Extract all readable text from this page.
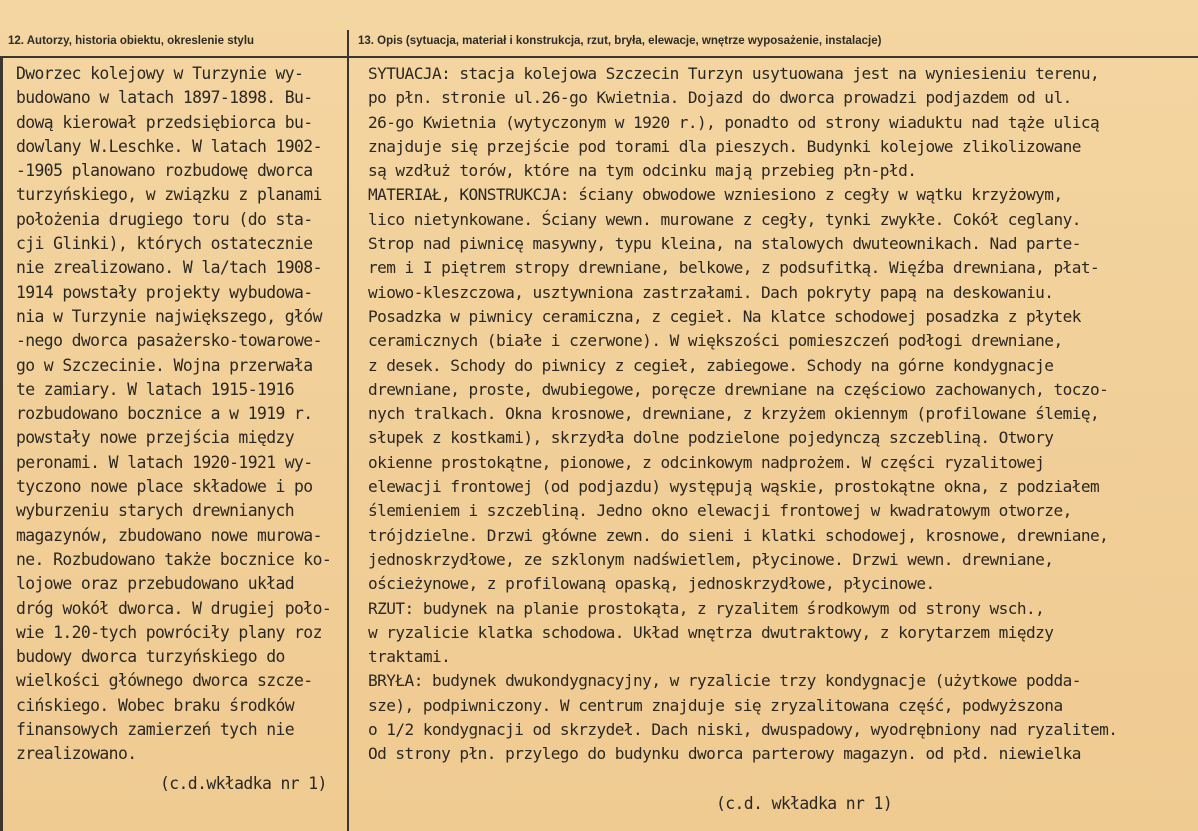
12. Autorzy, historia obiektu, okreslenie stylu	13. Opis (sytuacja, materiał i konstrukcja, rzut, bryła, elewacje, wnętrze wyposażenie, instalacje)
Dworzec kolejowy w Turzynie wy-
budowano w latach 1897-1898. Bu-
dową kierował przedsiębiorca bu-
dowlany W.Leschke. W latach 1902-
-1905 planowano rozbudowę dworca
turzyńskiego, w związku z planami
położenia drugiego toru (do sta-
cji Glinki), których ostatecznie
nie zrealizowano. W la/tach 1908-
1914 powstały projekty wybudowa-
nia w Turzynie największego, głów
-nego dworca pasażersko-towarowe-
go w Szczecinie. Wojna przerwała
te zamiary. W latach 1915-1916
rozbudowano bocznice a w 1919 r.
powstały nowe przejścia między
peronami. W latach 1920-1921 wy-
tyczono nowe place składowe i po
wyburzeniu starych drewnianych
magazynów, zbudowano nowe murowa-
ne. Rozbudowano także bocznice ko-
lojowe oraz przebudowano układ
dróg wokół dworca. W drugiej poło-
wie 1.20-tych powróciły plany roz
budowy dworca turzyńskiego do
wielkości głównego dworca szcze-
cińskiego. Wobec braku środków
finansowych zamierzeń tych nie
zrealizowano.
SYTUACJA: stacja kolejowa Szczecin Turzyn usytuowana jest na wyniesieniu terenu,
po płn. stronie ul.26-go Kwietnia. Dojazd do dworca prowadzi podjazdem od ul.
26-go Kwietnia (wytyczonym w 1920 r.), ponadto od strony wiaduktu nad tąże ulicą
znajduje się przejście pod torami dla pieszych. Budynki kolejowe zlikolizowane
są wzdłuż torów, które na tym odcinku mają przebieg płn-płd.
MATERIAŁ, KONSTRUKCJA: ściany obwodowe wzniesiono z cegły w wątku krzyżowym,
lico nietynkowane. Ściany wewn. murowane z cegły, tynki zwykłe. Cokół ceglany.
Strop nad piwnicę masywny, typu kleina, na stalowych dwuteownikach. Nad parte-
rem i I piętrem stropy drewniane, belkowe, z podsufitką. Więźba drewniana, płat-
wiowo-kleszczowa, usztywniona zastrzałami. Dach pokryty papą na deskowaniu.
Posadzka w piwnicy ceramiczna, z cegieł. Na klatce schodowej posadzka z płytek
ceramicznych (białe i czerwone). W większości pomieszczeń podłogi drewniane,
z desek. Schody do piwnicy z cegieł, zabiegowe. Schody na górne kondygnacje
drewniane, proste, dwubiegowe, poręcze drewniane na częściowo zachowanych, toczo-
nych tralkach. Okna krosnowe, drewniane, z krzyżem okiennym (profilowane ślemię,
słupek z kostkami), skrzydła dolne podzielone pojedynczą szczebliną. Otwory
okienne prostokątne, pionowe, z odcinkowym nadprożem. W części ryzalitowej
elewacji frontowej (od podjazdu) występują wąskie, prostokątne okna, z podziałem
ślemieniem i szczebliną. Jedno okno elewacji frontowej w kwadratowym otworze,
trójdzielne. Drzwi główne zewn. do sieni i klatki schodowej, krosnowe, drewniane,
jednoskrzydłowe, ze szklonym nadświetlem, płycinowe. Drzwi wewn. drewniane,
ościeżynowe, z profilowaną opaską, jednoskrzydłowe, płycinowe.
RZUT: budynek na planie prostokąta, z ryzalitem środkowym od strony wsch.,
w ryzalicie klatka schodowa. Układ wnętrza dwutraktowy, z korytarzem między
traktami.
BRYŁA: budynek dwukondygnacyjny, w ryzalicie trzy kondygnacje (użytkowe podda-
sze), podpiwniczony. W centrum znajduje się zryzalitowana część, podwyższona
o 1/2 kondygnacji od skrzydeł. Dach niski, dwuspadowy, wyodrębniony nad ryzalitem.
Od strony płn. przylego do budynku dworca parterowy magazyn. od płd. niewielka
(c.d.wkładka nr 1)
(c.d. wkładka nr 1)
